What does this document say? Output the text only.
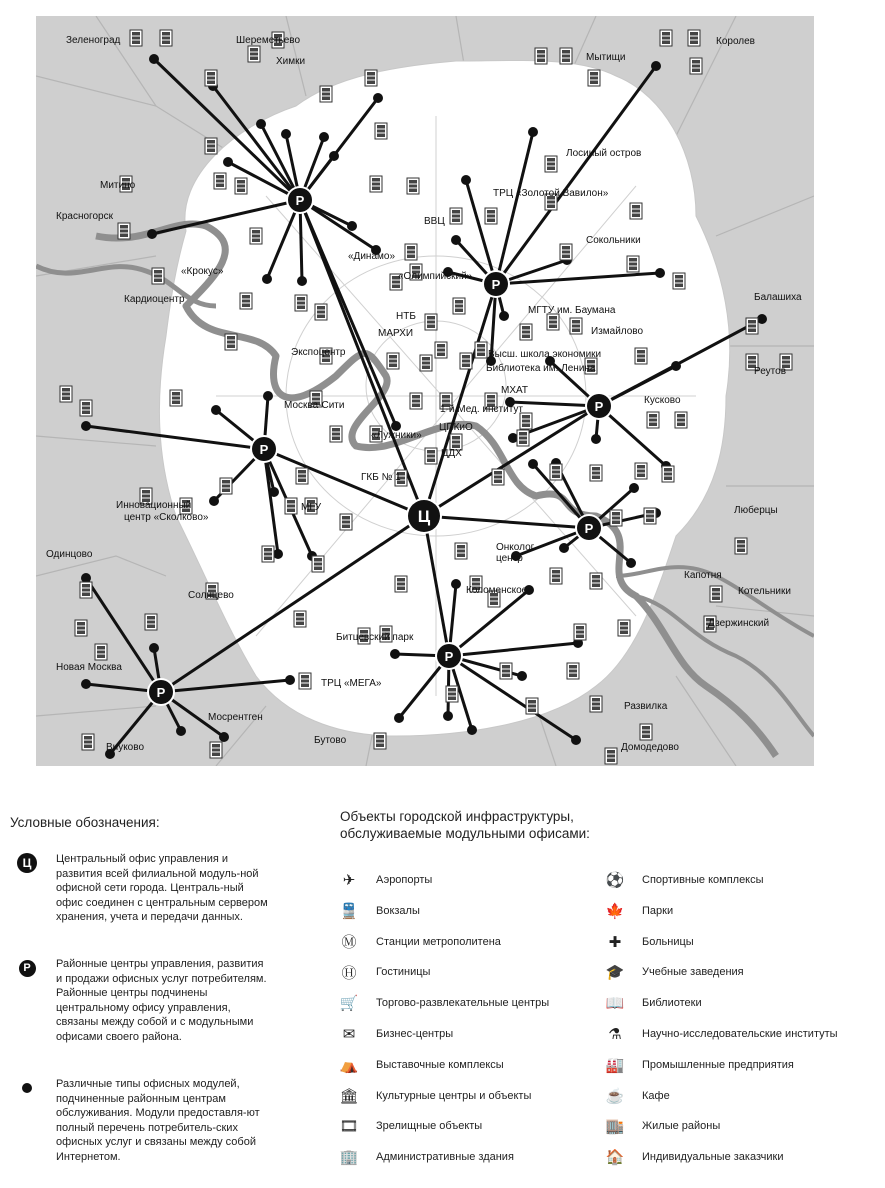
Ц
Р
Р
Р
Р
Р
Р
Р
Зеленоград	Шереметьево
Химки	Мытищи
Королев
Лосиный остров
ТРЦ «Золотой Вавилон»
Митино
Красногорск	ВВЦ
Сокольники
«Динамо»
«Олимпийский»
«Крокус»
Кардиоцентр
НТБ
МАРХИ
МГТУ им. Баумана
Измайлово
Балашиха
Экспоцентр	Высш. школа экономики
Библиотека им. Ленина	Реутов
Москва-Сити
МХАТ
1-й Мед. институт
Кусково
«Лужники»
ЦПКиО
ЦДХ
ГКБ № 1
Инновационный центр «Сколково»
МГУ	Люберцы
Онколог. центр
Одинцово
Коломенское
Капотня
Котельники
Солнцево
Дзержинский
Новая Москва
Битцевский парк
ТРЦ «МЕГА»
Мосрентген
Развилка
Бутово
Внуково	Домодедово
Условные обозначения:
Ц	Центральный офис управления и развития всей филиальной модуль-ной офисной сети города. Централь-ный офис соединен с центральным сервером хранения, учета и передачи данных.
Р	Районные центры управления, развития и продажи офисных услуг потребителям. Районные центры подчинены центральному офису управления, связаны между собой и с модульными офисами своего района.
Различные типы офисных модулей, подчиненные районным центрам обслуживания. Модули предоставля-ют полный перечень потребитель-ских офисных услуг и связаны между собой Интернетом.
Объекты городской инфраструктуры, обслуживаемые модульными офисами:
✈	Аэропорты
🚆 Вокзалы
Ⓜ	Станции метрополитена
Ⓗ	Гостиницы
🛒 Торгово-развлекательные центры
✉	Бизнес-центры
⛺ Выставочные комплексы
🏛 Культурные центры и объекты
🎞 Зрелищные объекты
🏢 Административные здания
⚽ Спортивные комплексы
🍁 Парки
✚	Больницы
🎓 Учебные заведения
📖 Библиотеки
⚗	Научно-исследовательские институты
🏭 Промышленные предприятия
☕ Кафе
🏬 Жилые районы
🏠 Индивидуальные заказчики
